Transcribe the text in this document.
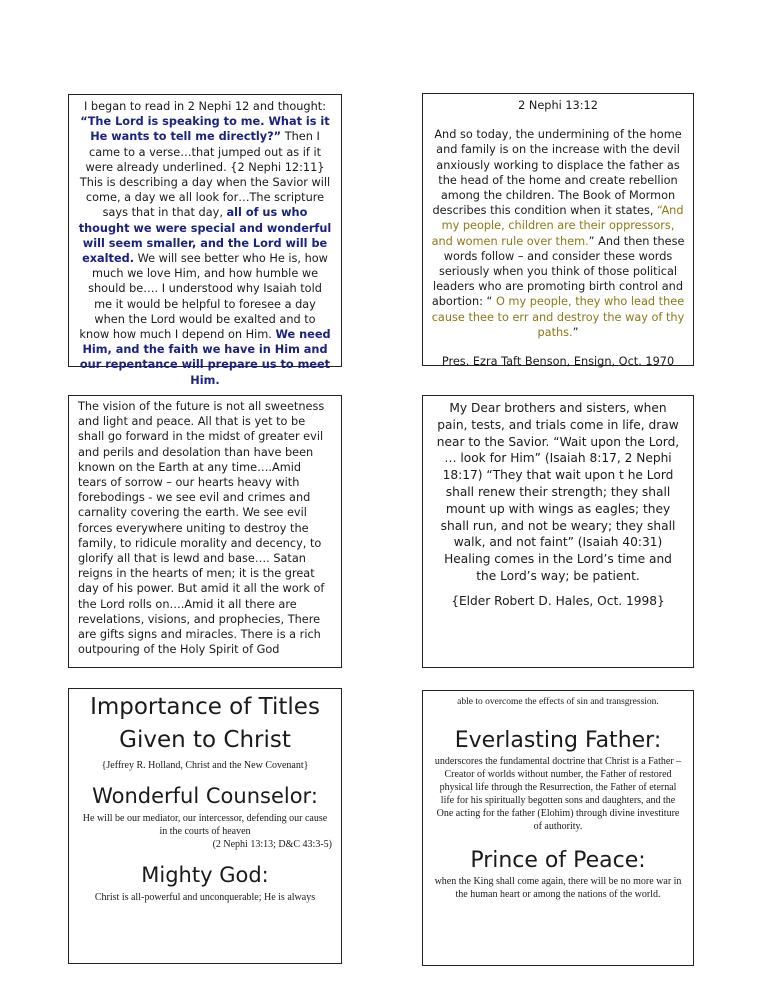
I began to read in 2 Nephi 12 and thought: “The Lord is speaking to me. What is it He wants to tell me directly?” Then I came to a verse…that jumped out as if it were already underlined. {2 Nephi 12:11} This is describing a day when the Savior will come, a day we all look for…The scripture says that in that day, all of us who thought we were special and wonderful will seem smaller, and the Lord will be exalted. We will see better who He is, how much we love Him, and how humble we should be…. I understood why Isaiah told me it would be helpful to foresee a day when the Lord would be exalted and to know how much I depend on Him. We need Him, and the faith we have in Him and our repentance will prepare us to meet Him.

2 Nephi 13:12

And so today, the undermining of the home and family is on the increase with the devil anxiously working to displace the father as the head of the home and create rebellion among the children. The Book of Mormon describes this condition when it states, “And my people, children are their oppressors, and women rule over them.” And then these words follow – and consider these words seriously when you think of those political leaders who are promoting birth control and abortion: “ O my people, they who lead thee cause thee to err and destroy the way of thy paths.”

Pres. Ezra Taft Benson, Ensign, Oct. 1970

The vision of the future is not all sweetness and light and peace. All that is yet to be shall go forward in the midst of greater evil and perils and desolation than have been known on the Earth at any time….Amid tears of sorrow – our hearts heavy with forebodings - we see evil and crimes and carnality covering the earth. We see evil forces everywhere uniting to destroy the family, to ridicule morality and decency, to glorify all that is lewd and base…. Satan reigns in the hearts of men; it is the great day of his power. But amid it all the work of the Lord rolls on….Amid it all there are revelations, visions, and prophecies, There are gifts signs and miracles. There is a rich outpouring of the Holy Spirit of God

My Dear brothers and sisters, when pain, tests, and trials come in life, draw near to the Savior. “Wait upon the Lord, … look for Him” (Isaiah 8:17, 2 Nephi 18:17) “They that wait upon t he Lord shall renew their strength; they shall mount up with wings as eagles; they shall run, and not be weary; they shall walk, and not faint” (Isaiah 40:31) Healing comes in the Lord’s time and the Lord’s way; be patient.

{Elder Robert D. Hales, Oct. 1998}

Importance of Titles Given to Christ

{Jeffrey R. Holland, Christ and the New Covenant}

Wonderful Counselor:

He will be our mediator, our intercessor, defending our cause in the courts of heaven

(2 Nephi 13:13; D&C 43:3-5)

Mighty God:

Christ is all-powerful and unconquerable; He is always

able to overcome the effects of sin and transgression.

Everlasting Father:

underscores the fundamental doctrine that Christ is a Father – Creator of worlds without number, the Father of restored physical life through the Resurrection, the Father of eternal life for his spiritually begotten sons and daughters, and the One acting for the father (Elohim) through divine investiture of authority.

Prince of Peace:

when the King shall come again, there will be no more war in the human heart or among the nations of the world.
